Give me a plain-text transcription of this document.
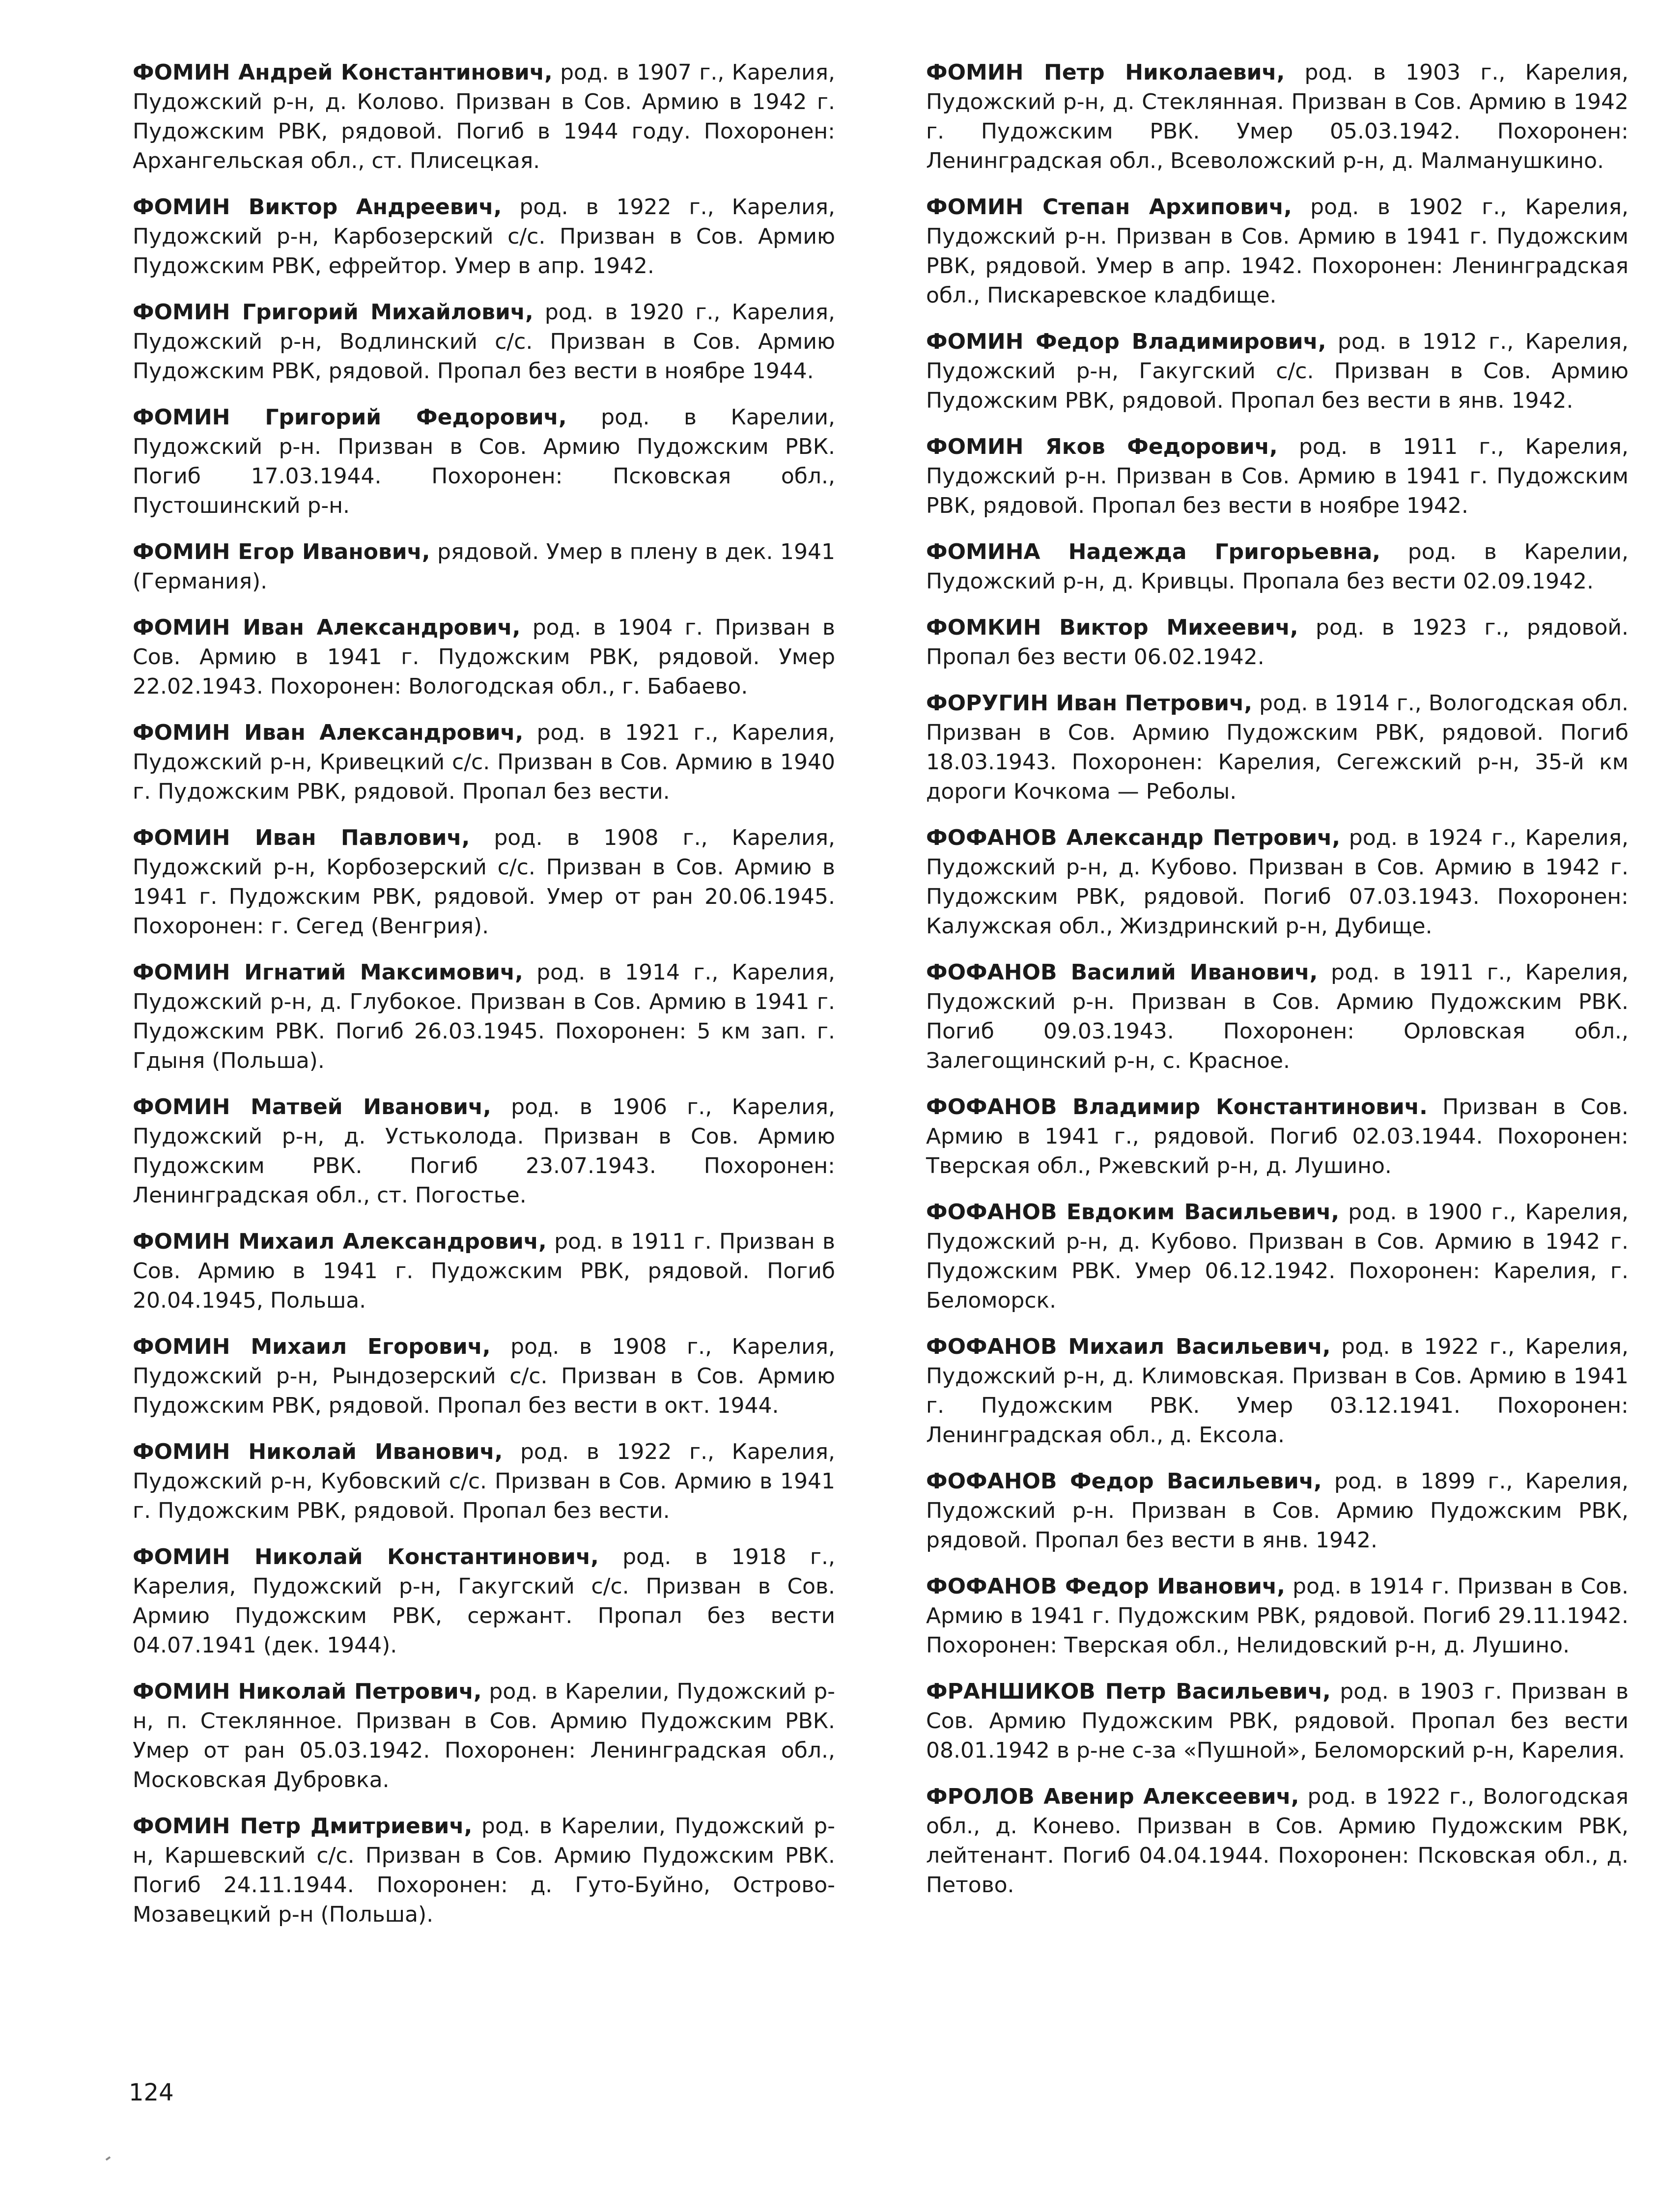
ФОМИН Андрей Константинович, род. в 1907 г., Карелия, Пудожский р-н, д. Колово. Призван в Сов. Армию в 1942 г. Пудожским РВК, рядовой. Погиб в 1944 году. Похоронен: Архангельская обл., ст. Плисецкая.

ФОМИН Виктор Андреевич, род. в 1922 г., Карелия, Пудожский р-н, Карбозерский с/с. Призван в Сов. Армию Пудожским РВК, ефрейтор. Умер в апр. 1942.

ФОМИН Григорий Михайлович, род. в 1920 г., Карелия, Пудожский р-н, Водлинский с/с. Призван в Сов. Армию Пудожским РВК, рядовой. Пропал без вести в ноябре 1944.

ФОМИН Григорий Федорович, род. в Карелии, Пудожский р-н. Призван в Сов. Армию Пудожским РВК. Погиб 17.03.1944. Похоронен: Псковская обл., Пустошинский р-н.

ФОМИН Егор Иванович, рядовой. Умер в плену в дек. 1941 (Германия).

ФОМИН Иван Александрович, род. в 1904 г. Призван в Сов. Армию в 1941 г. Пудожским РВК, рядовой. Умер 22.02.1943. Похоронен: Вологодская обл., г. Бабаево.

ФОМИН Иван Александрович, род. в 1921 г., Карелия, Пудожский р-н, Кривецкий с/с. Призван в Сов. Армию в 1940 г. Пудожским РВК, рядовой. Пропал без вести.

ФОМИН Иван Павлович, род. в 1908 г., Карелия, Пудожский р-н, Корбозерский с/с. Призван в Сов. Армию в 1941 г. Пудожским РВК, рядовой. Умер от ран 20.06.1945. Похоронен: г. Сегед (Венгрия).

ФОМИН Игнатий Максимович, род. в 1914 г., Карелия, Пудожский р-н, д. Глубокое. Призван в Сов. Армию в 1941 г. Пудожским РВК. Погиб 26.03.1945. Похоронен: 5 км зап. г. Гдыня (Польша).

ФОМИН Матвей Иванович, род. в 1906 г., Карелия, Пудожский р-н, д. Устьколода. Призван в Сов. Армию Пудожским РВК. Погиб 23.07.1943. Похоронен: Ленинградская обл., ст. Погостье.

ФОМИН Михаил Александрович, род. в 1911 г. Призван в Сов. Армию в 1941 г. Пудожским РВК, рядовой. Погиб 20.04.1945, Польша.

ФОМИН Михаил Егорович, род. в 1908 г., Карелия, Пудожский р-н, Рындозерский с/с. Призван в Сов. Армию Пудожским РВК, рядовой. Пропал без вести в окт. 1944.

ФОМИН Николай Иванович, род. в 1922 г., Карелия, Пудожский р-н, Кубовский с/с. Призван в Сов. Армию в 1941 г. Пудожским РВК, рядовой. Пропал без вести.

ФОМИН Николай Константинович, род. в 1918 г., Карелия, Пудожский р-н, Гакугский с/с. Призван в Сов. Армию Пудожским РВК, сержант. Пропал без вести 04.07.1941 (дек. 1944).

ФОМИН Николай Петрович, род. в Карелии, Пудожский р-н, п. Стеклянное. Призван в Сов. Армию Пудожским РВК. Умер от ран 05.03.1942. Похоронен: Ленинградская обл., Московская Дубровка.

ФОМИН Петр Дмитриевич, род. в Карелии, Пудожский р-н, Каршевский с/с. Призван в Сов. Армию Пудожским РВК. Погиб 24.11.1944. Похоронен: д. Гуто-Буйно, Острово-Мозавецкий р-н (Польша).

ФОМИН Петр Николаевич, род. в 1903 г., Карелия, Пудожский р-н, д. Стеклянная. Призван в Сов. Армию в 1942 г. Пудожским РВК. Умер 05.03.1942. Похоронен: Ленинградская обл., Всеволожский р-н, д. Малманушкино.

ФОМИН Степан Архипович, род. в 1902 г., Карелия, Пудожский р-н. Призван в Сов. Армию в 1941 г. Пудожским РВК, рядовой. Умер в апр. 1942. Похоронен: Ленинградская обл., Пискаревское кладбище.

ФОМИН Федор Владимирович, род. в 1912 г., Карелия, Пудожский р-н, Гакугский с/с. Призван в Сов. Армию Пудожским РВК, рядовой. Пропал без вести в янв. 1942.

ФОМИН Яков Федорович, род. в 1911 г., Карелия, Пудожский р-н. Призван в Сов. Армию в 1941 г. Пудожским РВК, рядовой. Пропал без вести в ноябре 1942.

ФОМИНА Надежда Григорьевна, род. в Карелии, Пудожский р-н, д. Кривцы. Пропала без вести 02.09.1942.

ФОМКИН Виктор Михеевич, род. в 1923 г., рядовой. Пропал без вести 06.02.1942.

ФОРУГИН Иван Петрович, род. в 1914 г., Вологодская обл. Призван в Сов. Армию Пудожским РВК, рядовой. Погиб 18.03.1943. Похоронен: Карелия, Сегежский р-н, 35-й км дороги Кочкома — Реболы.

ФОФАНОВ Александр Петрович, род. в 1924 г., Карелия, Пудожский р-н, д. Кубово. Призван в Сов. Армию в 1942 г. Пудожским РВК, рядовой. Погиб 07.03.1943. Похоронен: Калужская обл., Жиздринский р-н, Дубище.

ФОФАНОВ Василий Иванович, род. в 1911 г., Карелия, Пудожский р-н. Призван в Сов. Армию Пудожским РВК. Погиб 09.03.1943. Похоронен: Орловская обл., Залегощинский р-н, с. Красное.

ФОФАНОВ Владимир Константинович. Призван в Сов. Армию в 1941 г., рядовой. Погиб 02.03.1944. Похоронен: Тверская обл., Ржевский р-н, д. Лушино.

ФОФАНОВ Евдоким Васильевич, род. в 1900 г., Карелия, Пудожский р-н, д. Кубово. Призван в Сов. Армию в 1942 г. Пудожским РВК. Умер 06.12.1942. Похоронен: Карелия, г. Беломорск.

ФОФАНОВ Михаил Васильевич, род. в 1922 г., Карелия, Пудожский р-н, д. Климовская. Призван в Сов. Армию в 1941 г. Пудожским РВК. Умер 03.12.1941. Похоронен: Ленинградская обл., д. Ексола.

ФОФАНОВ Федор Васильевич, род. в 1899 г., Карелия, Пудожский р-н. Призван в Сов. Армию Пудожским РВК, рядовой. Пропал без вести в янв. 1942.

ФОФАНОВ Федор Иванович, род. в 1914 г. Призван в Сов. Армию в 1941 г. Пудожским РВК, рядовой. Погиб 29.11.1942. Похоронен: Тверская обл., Нелидовский р-н, д. Лушино.

ФРАНШИКОВ Петр Васильевич, род. в 1903 г. Призван в Сов. Армию Пудожским РВК, рядовой. Пропал без вести 08.01.1942 в р-не с-за «Пушной», Беломорский р-н, Карелия.

ФРОЛОВ Авенир Алексеевич, род. в 1922 г., Вологодская обл., д. Конево. Призван в Сов. Армию Пудожским РВК, лейтенант. Погиб 04.04.1944. Похоронен: Псковская обл., д. Петово.

124
